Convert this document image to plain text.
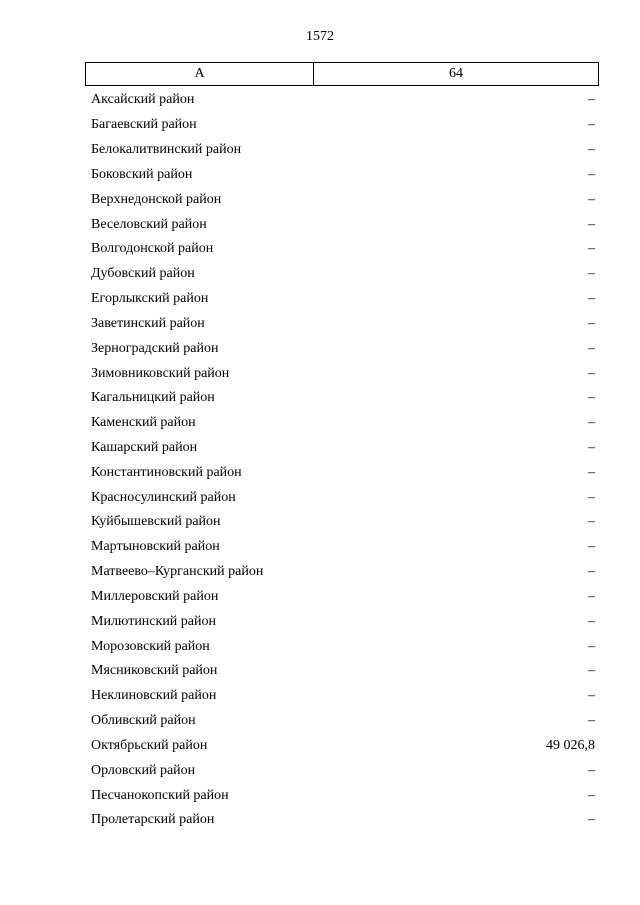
1572
А	64
Аксайский район	–
Багаевский район	–
Белокалитвинский район	–
Боковский район	–
Верхнедонской район	–
Веселовский район	–
Волгодонской район	–
Дубовский район	–
Егорлыкский район	–
Заветинский район	–
Зерноградский район	–
Зимовниковский район	–
Кагальницкий район	–
Каменский район	–
Кашарский район	–
Константиновский район	–
Красносулинский район	–
Куйбышевский район	–
Мартыновский район	–
Матвеево–Курганский район	–
Миллеровский район	–
Милютинский район	–
Морозовский район	–
Мясниковский район	–
Неклиновский район	–
Обливский район	–
Октябрьский район	49 026,8
Орловский район	–
Песчанокопский район	–
Пролетарский район	–
